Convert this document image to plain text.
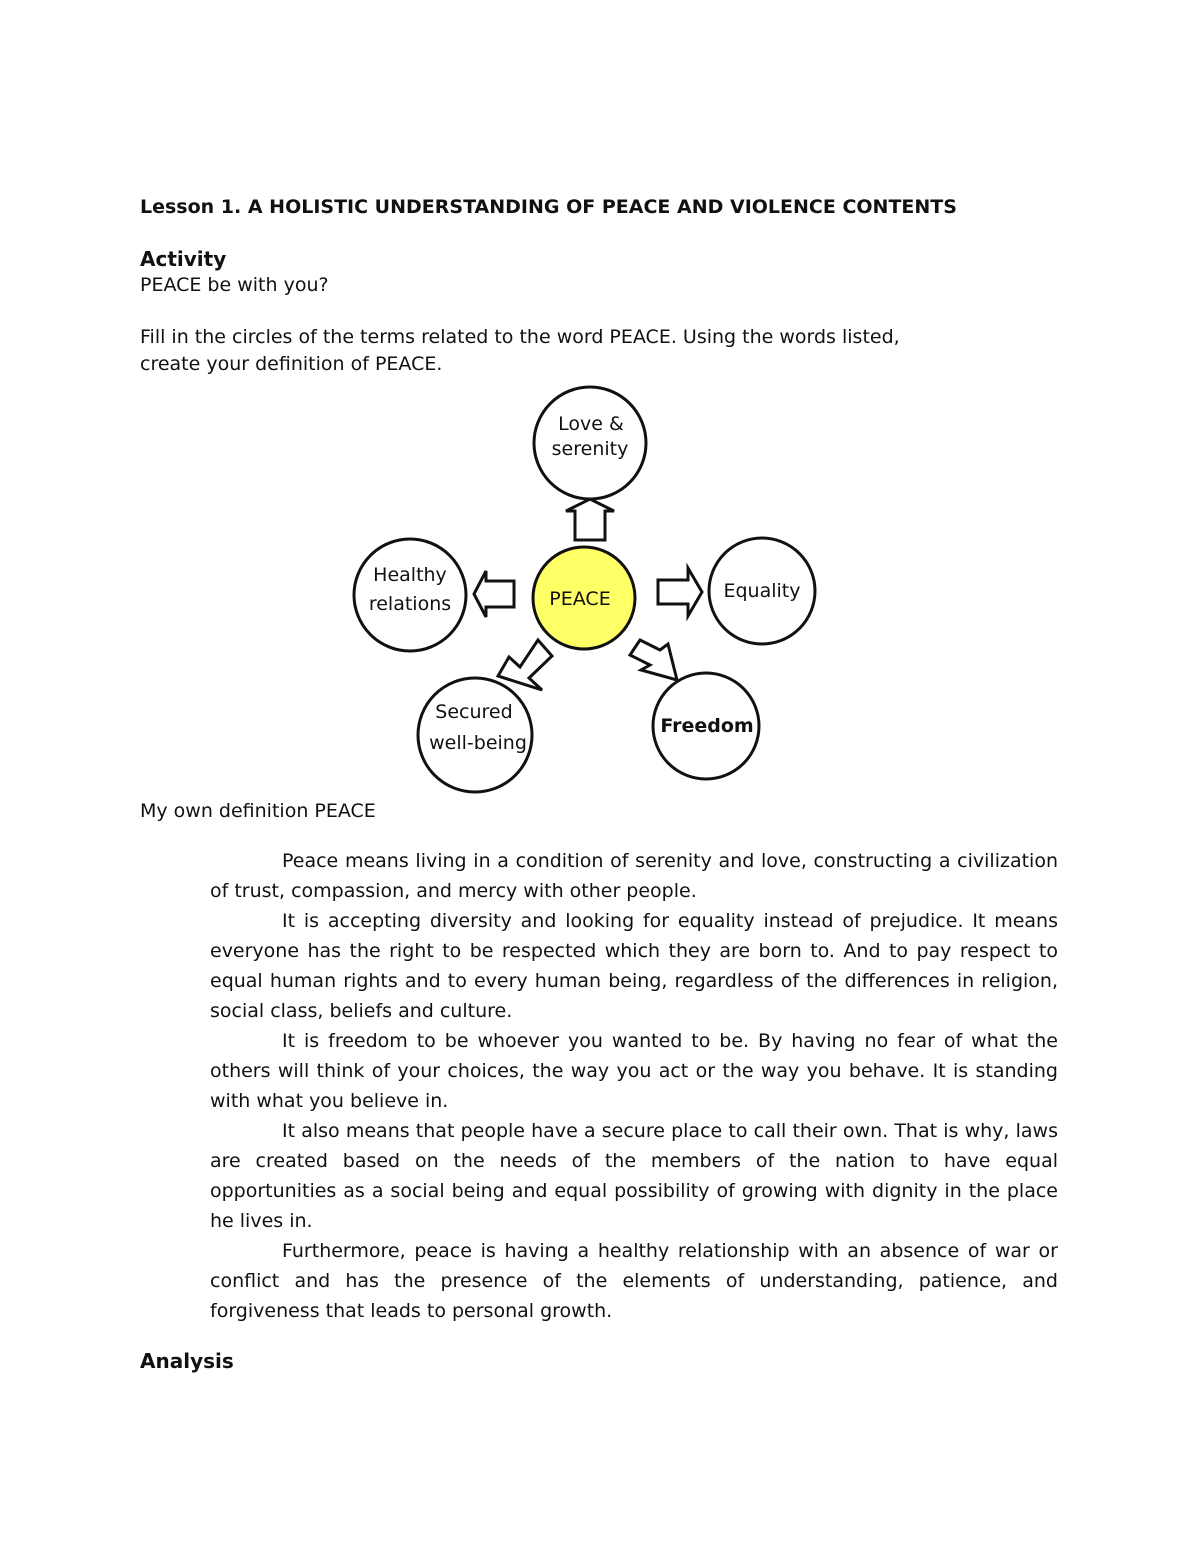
Lesson 1. A HOLISTIC UNDERSTANDING OF PEACE AND VIOLENCE CONTENTS
Activity
PEACE be with you?
Fill in the circles of the terms related to the word PEACE. Using the words listed,
create your definition of PEACE.
Love &
serenity
Equality
Freedom
Secured
well-being
Healthy
relations	PEACE
My own definition PEACE

Peace means living in a condition of serenity and love, constructing a civilization of trust, compassion, and mercy with other people.

It is accepting diversity and looking for equality instead of prejudice. It means everyone has the right to be respected which they are born to. And to pay respect to equal human rights and to every human being, regardless of the differences in religion, social class, beliefs and culture.

It is freedom to be whoever you wanted to be. By having no fear of what the others will think of your choices, the way you act or the way you behave. It is standing with what you believe in.

It also means that people have a secure place to call their own. That is why, laws are created based on the needs of the members of the nation to have equal opportunities as a social being and equal possibility of growing with dignity in the place he lives in.

Furthermore, peace is having a healthy relationship with an absence of war or conflict and has the presence of the elements of understanding, patience, and forgiveness that leads to personal growth.

Analysis
